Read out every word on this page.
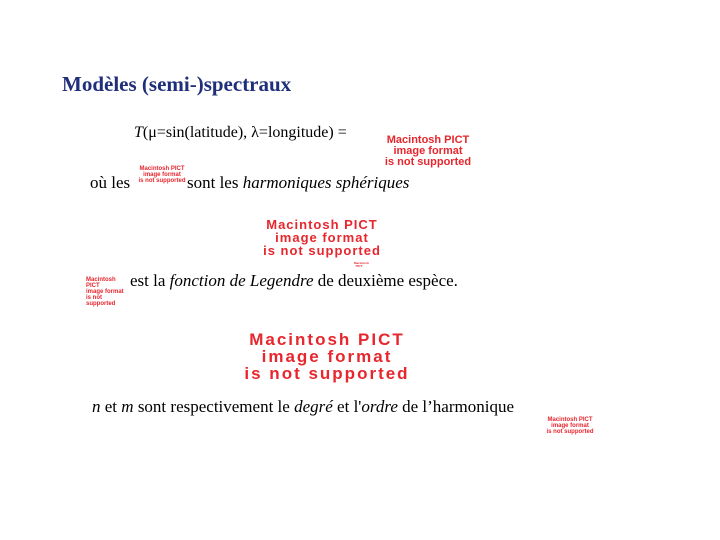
Modèles (semi-)spectraux
T(μ=sin(latitude), λ=longitude) =	Macintosh PICT
image format
is not supported
où les
Macintosh PICT
image format
is not supported sont les harmoniques sphériques
Macintosh PICT
image format
is not supported
Macintosh PICT
image format
is not supported
Macintosh PICT
est la fonction de Legendre de deuxième espèce.
Macintosh PICT
image format
is not supported
n et m sont respectivement le degré et l'ordre de l’harmonique
Macintosh PICT
image format
is not supported
